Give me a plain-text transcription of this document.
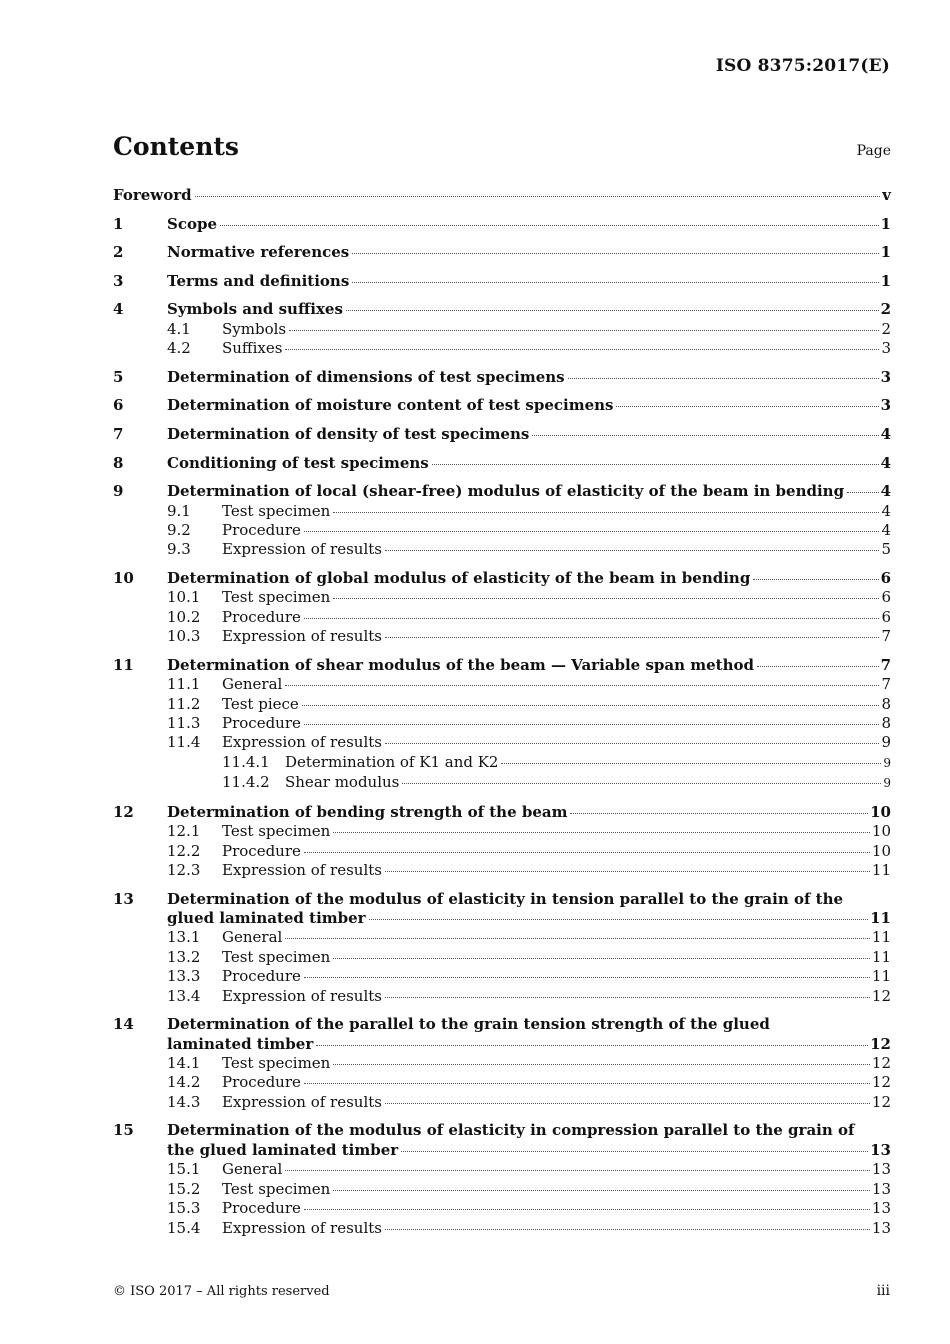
ISO 8375:2017(E)
Contents	Page
Foreword	v
1	Scope	1
2	Normative references	1
3	Terms and definitions	1
4	Symbols and suffixes	2
4.1 Symbols	2
4.2 Suffixes	3
5	Determination of dimensions of test specimens	3
6	Determination of moisture content of test specimens	3
7	Determination of density of test specimens	4
8	Conditioning of test specimens	4
9	Determination of local (shear-free) modulus of elasticity of the beam in bending 4
9.1 Test specimen	4
9.2 Procedure	4
9.3 Expression of results	5
10 Determination of global modulus of elasticity of the beam in bending	6
10.1 Test specimen	6
10.2 Procedure	6
10.3 Expression of results	7
11 Determination of shear modulus of the beam — Variable span method	7
11.1 General	7
11.2 Test piece	8
11.3 Procedure	8
11.4 Expression of results	9
11.4.1 Determination of K1 and K2	9
11.4.2 Shear modulus	9
12 Determination of bending strength of the beam	10
12.1 Test specimen	10
12.2 Procedure	10
12.3 Expression of results	11
13	Determination of the modulus of elasticity in tension parallel to the grain of the
glued laminated timber	11
13.1 General	11
13.2 Test specimen	11
13.3 Procedure	11
13.4 Expression of results	12
14	Determination of the parallel to the grain tension strength of the glued
laminated timber	12
14.1 Test specimen	12
14.2 Procedure	12
14.3 Expression of results	12
15	Determination of the modulus of elasticity in compression parallel to the grain of
the glued laminated timber	13
15.1 General	13
15.2 Test specimen	13
15.3 Procedure	13
15.4 Expression of results	13
© ISO 2017 – All rights reserved	iii
